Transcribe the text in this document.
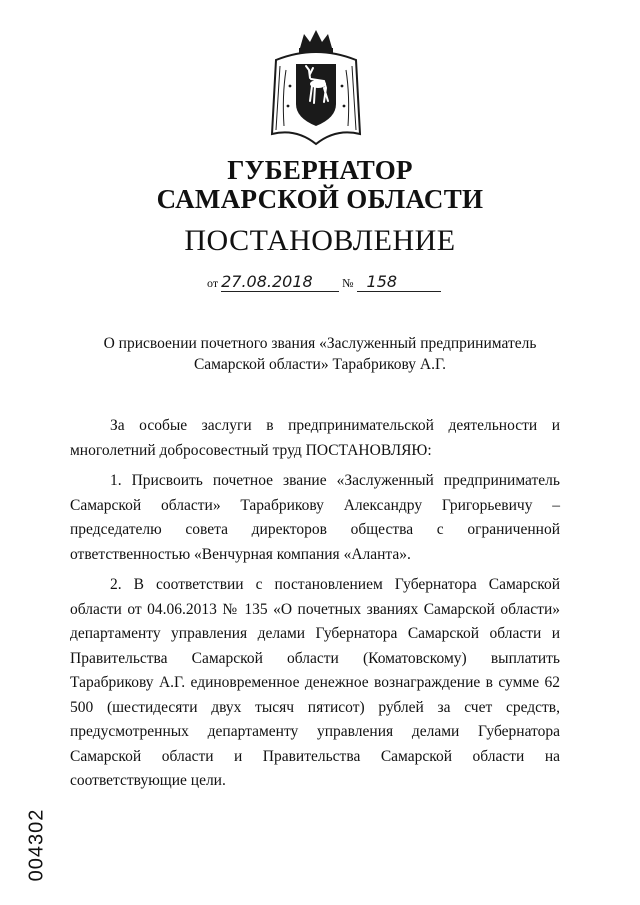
ГУБЕРНАТОР
САМАРСКОЙ ОБЛАСТИ
ПОСТАНОВЛЕНИЕ
от 27.08.2018 № 158
О присвоении почетного звания «Заслуженный предприниматель
Самарской области» Тарабрикову А.Г.

За особые заслуги в предпринимательской деятельности и многолетний добросовестный труд ПОСТАНОВЛЯЮ:

1. Присвоить почетное звание «Заслуженный предприниматель Самарской области» Тарабрикову Александру Григорьевичу – председателю совета директоров общества с ограниченной ответственностью «Венчурная компания «Аланта».

2. В соответствии с постановлением Губернатора Самарской области от 04.06.2013 № 135 «О почетных званиях Самарской области» департаменту управления делами Губернатора Самарской области и Правительства Самарской области (Коматовскому) выплатить Тарабрикову А.Г. единовременное денежное вознаграждение в сумме 62 500 (шестидесяти двух тысяч пятисот) рублей за счет средств, предусмотренных департаменту управления делами Губернатора Самарской области и Правительства Самарской области на соответствующие цели.

004302
